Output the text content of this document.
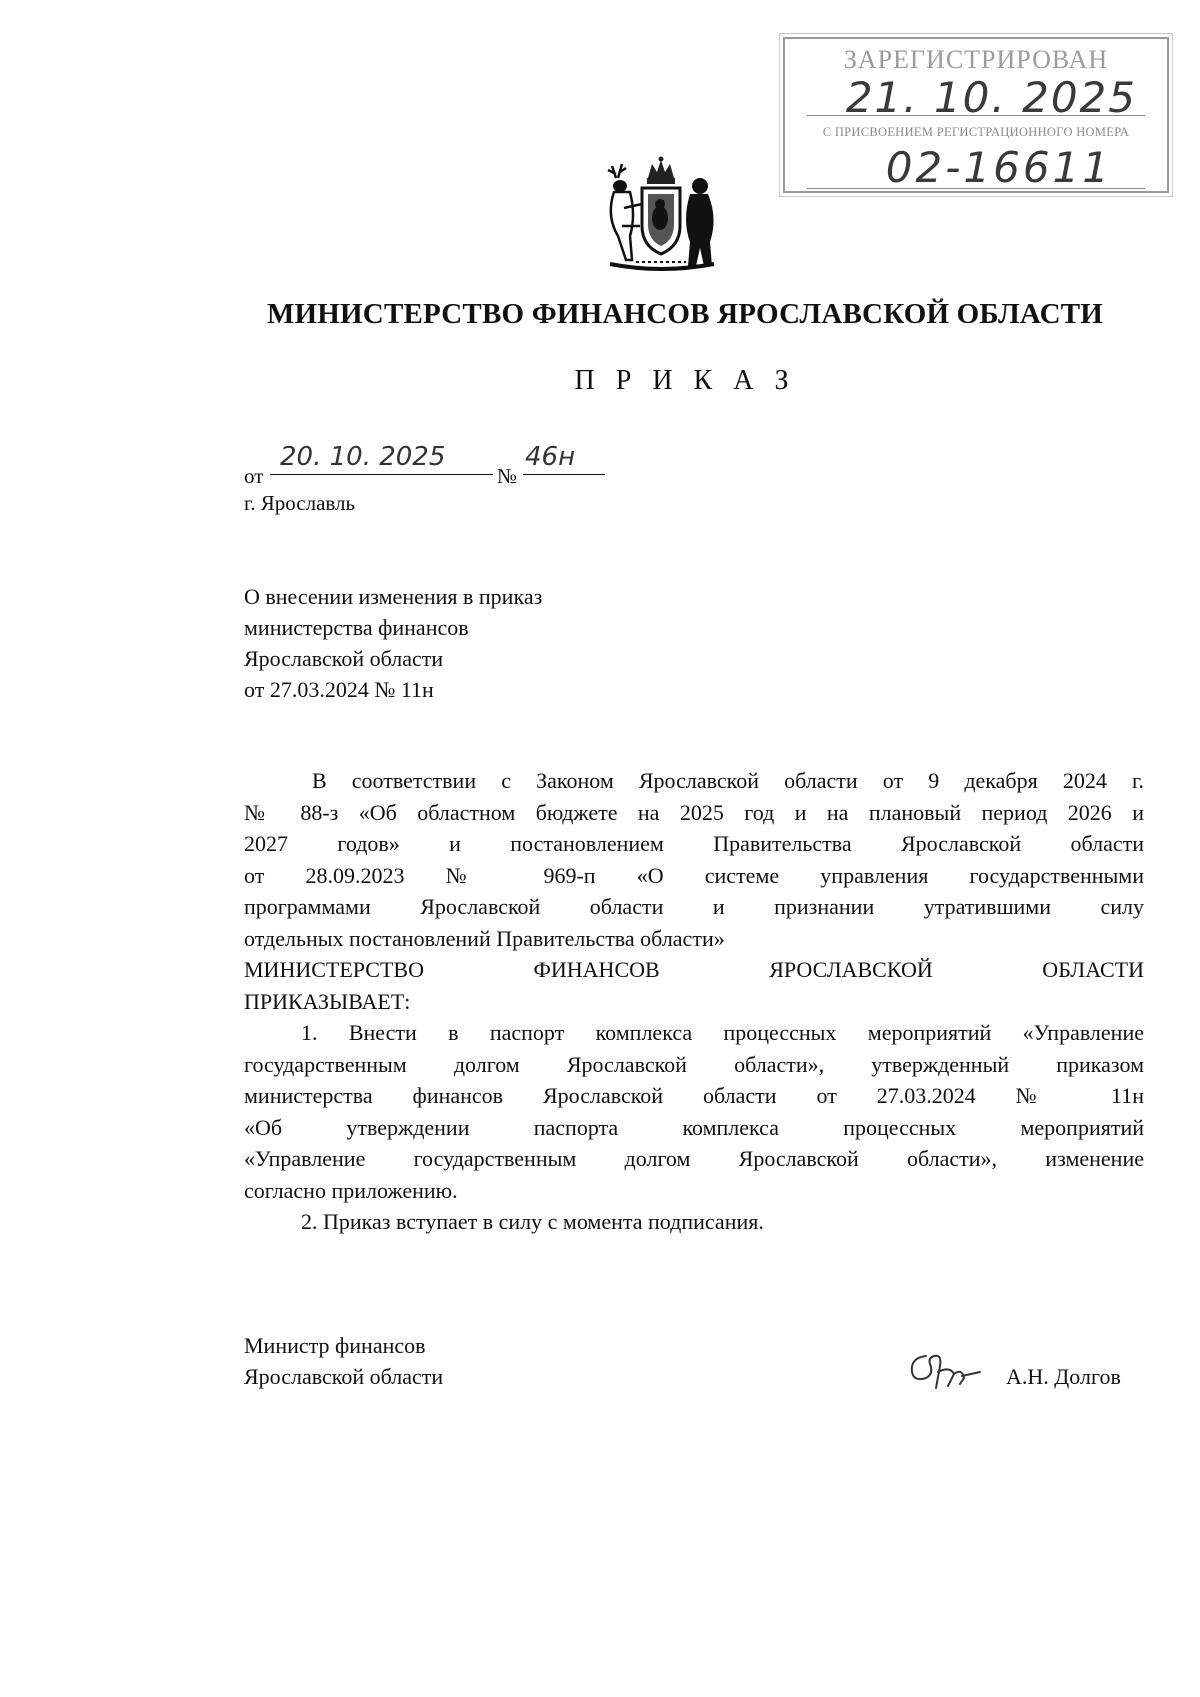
ЗАРЕГИСТРИРОВАН
21. 10. 2025
С ПРИСВОЕНИЕМ РЕГИСТРАЦИОННОГО НОМЕРА
02-16611
МИНИСТЕРСТВО ФИНАНСОВ ЯРОСЛАВСКОЙ ОБЛАСТИ
П Р И К А З
от
20. 10. 2025
№
46н
г. Ярославль
О внесении изменения в приказ
министерства финансов
Ярославской области
от 27.03.2024 № 11н
В соответствии с Законом Ярославской области от 9 декабря 2024 г.
№ 88-з «Об областном бюджете на 2025 год и на плановый период 2026 и
2027 годов» и постановлением Правительства Ярославской области
от 28.09.2023 № 969-п «О системе управления государственными
программами Ярославской области и признании утратившими силу
отдельных постановлений Правительства области»
МИНИСТЕРСТВО ФИНАНСОВ ЯРОСЛАВСКОЙ ОБЛАСТИ
ПРИКАЗЫВАЕТ:
1. Внести в паспорт комплекса процессных мероприятий «Управление
государственным долгом Ярославской области», утвержденный приказом
министерства финансов Ярославской области от 27.03.2024 № 11н
«Об утверждении паспорта комплекса процессных мероприятий
«Управление государственным долгом Ярославской области», изменение
согласно приложению.
2. Приказ вступает в силу с момента подписания.
Министр финансов
Ярославской области	А.Н. Долгов
